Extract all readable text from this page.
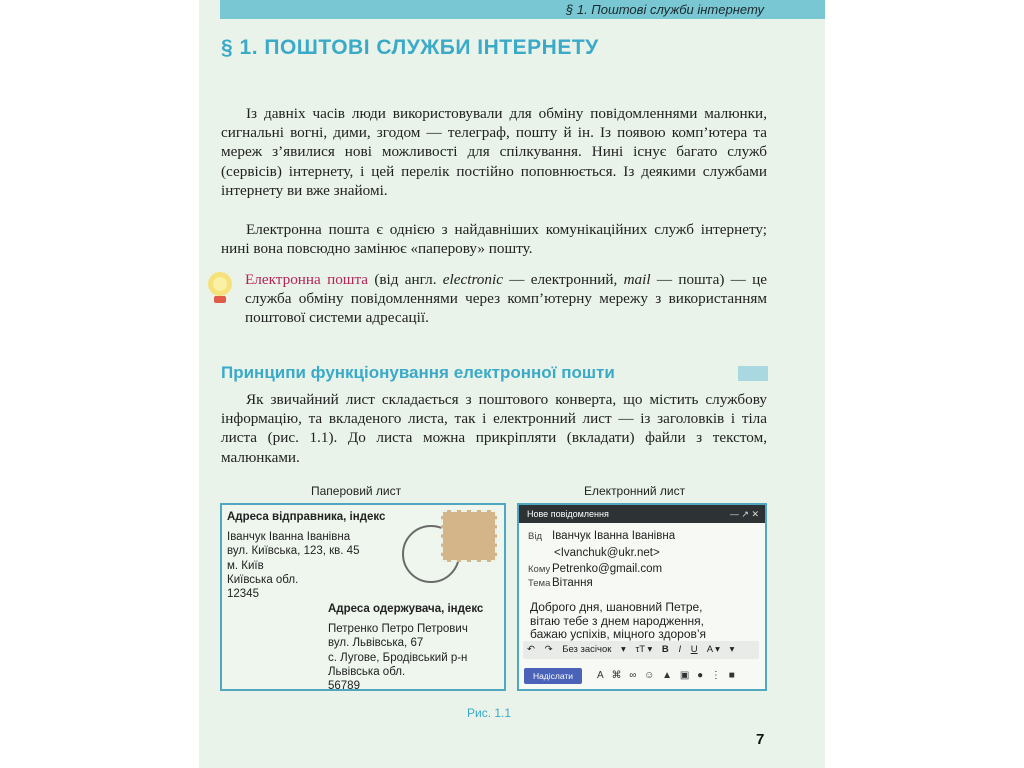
§ 1. Поштові служби інтернету
§ 1. ПОШТОВІ СЛУЖБИ ІНТЕРНЕТУ

Із давніх часів люди використовували для обміну повідомленнями малюнки, сигнальні вогні, дими, згодом — телеграф, пошту й ін. Із появою комп’ютера та мереж з’явилися нові можливості для спілкування. Нині існує багато служб (сервісів) інтернету, і цей перелік постійно поповнюється. Із деякими службами інтернету ви вже знайомі.

Електронна пошта є однією з найдавніших комунікаційних служб інтернету; нині вона повсюдно замінює «паперову» пошту.

Електронна пошта (від англ. electronic — електронний, mail — пошта) — це служба обміну повідомленнями через комп’ютерну мережу з використанням поштової системи адресації.
Принципи функціонування електронної пошти

Як звичайний лист складається з поштового конверта, що містить службову інформацію, та вкладеного листа, так і електронний лист — із заголовків і тіла листа (рис. 1.1). До листа можна прикріпляти (вкладати) файли з текстом, малюнками.

Паперовий лист	Електронний лист
Адреса відправника, індекс
Іванчук Іванна Іванівна
вул. Київська, 123, кв. 45
м. Київ
Київська обл.
12345
Адреса одержувача, індекс
Петренко Петро Петрович
вул. Львівська, 67
с. Лугове, Бродівський р-н
Львівська обл.
56789
Нове повідомлення	— ↗ ✕
Від Іванчук Іванна Іванівна
<Ivanchuk@ukr.net>
Кому Petrenko@gmail.com
Тема Вітання
Доброго дня, шановний Петре,
вітаю тебе з днем народження,
бажаю успіхів, міцного здоров’я
↶ ↷ Без засічок ▾ τT ▾ B I U A ▾ ▾
Надіслати	A ⌘ ∞ ☺ ▲ ▣ ● ⋮ ■
Рис. 1.1
7
